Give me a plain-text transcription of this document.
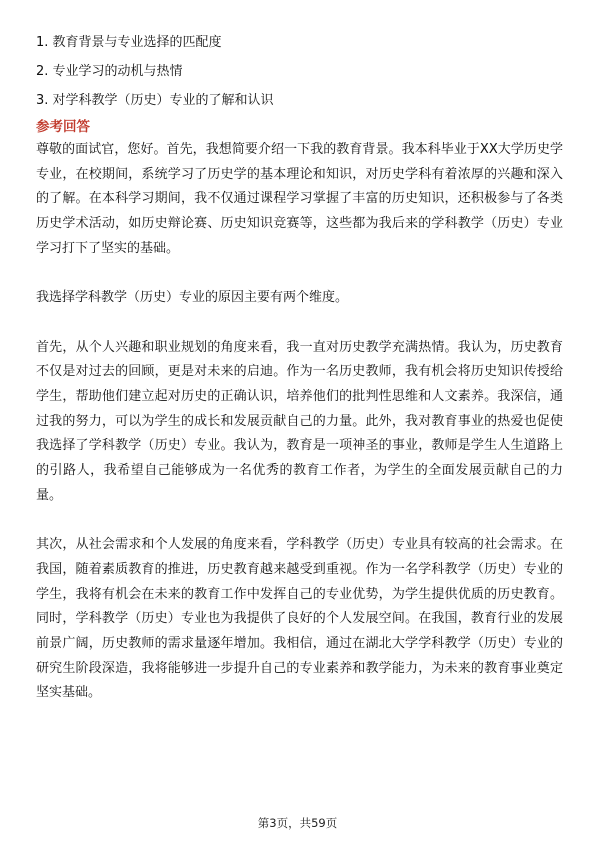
1. 教育背景与专业选择的匹配度

2. 专业学习的动机与热情

3. 对学科教学（历史）专业的了解和认识

参考回答

尊敬的面试官，您好。首先，我想简要介绍一下我的教育背景。我本科毕业于XX大学历史学专业，在校期间，系统学习了历史学的基本理论和知识，对历史学科有着浓厚的兴趣和深入的了解。在本科学习期间，我不仅通过课程学习掌握了丰富的历史知识，还积极参与了各类历史学术活动，如历史辩论赛、历史知识竞赛等，这些都为我后来的学科教学（历史）专业学习打下了坚实的基础。

我选择学科教学（历史）专业的原因主要有两个维度。

首先，从个人兴趣和职业规划的角度来看，我一直对历史教学充满热情。我认为，历史教育不仅是对过去的回顾，更是对未来的启迪。作为一名历史教师，我有机会将历史知识传授给学生，帮助他们建立起对历史的正确认识，培养他们的批判性思维和人文素养。我深信，通过我的努力，可以为学生的成长和发展贡献自己的力量。此外，我对教育事业的热爱也促使我选择了学科教学（历史）专业。我认为，教育是一项神圣的事业，教师是学生人生道路上的引路人，我希望自己能够成为一名优秀的教育工作者，为学生的全面发展贡献自己的力量。

其次，从社会需求和个人发展的角度来看，学科教学（历史）专业具有较高的社会需求。在我国，随着素质教育的推进，历史教育越来越受到重视。作为一名学科教学（历史）专业的学生，我将有机会在未来的教育工作中发挥自己的专业优势，为学生提供优质的历史教育。同时，学科教学（历史）专业也为我提供了良好的个人发展空间。在我国，教育行业的发展前景广阔，历史教师的需求量逐年增加。我相信，通过在湖北大学学科教学（历史）专业的研究生阶段深造，我将能够进一步提升自己的专业素养和教学能力，为未来的教育事业奠定坚实基础。

第3页，共59页
